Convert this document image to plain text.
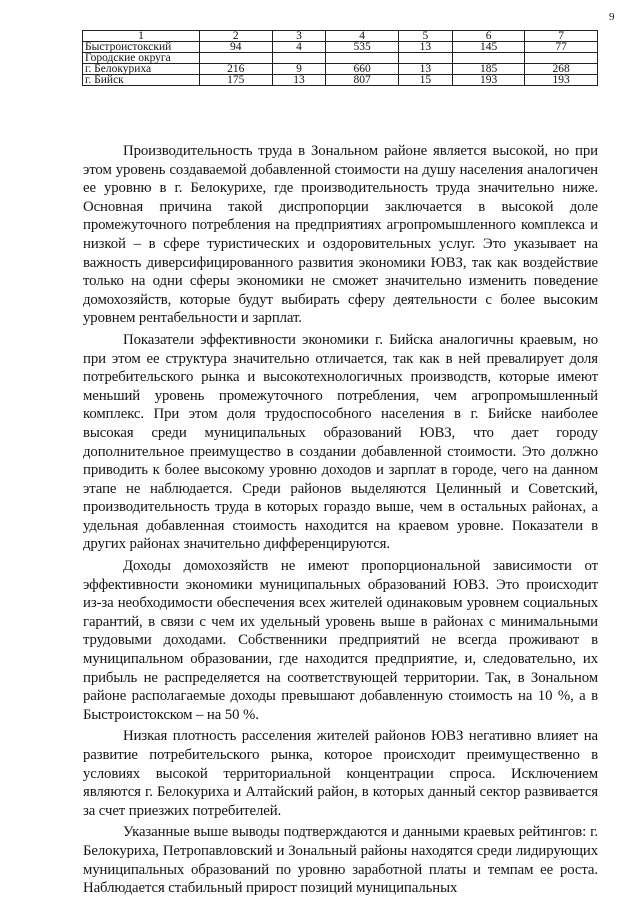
9
1	2	3	4	5	6	7
Быстроистокский	94	4	535	13	145	77
Городские округа						
г. Белокуриха	216	9	660	13	185	268
г. Бийск	175	13	807	15	193	193

Производительность труда в Зональном районе является высокой, но при этом уровень создаваемой добавленной стоимости на душу населения аналогичен ее уровню в г. Белокурихе, где производительность труда значительно ниже. Основная причина такой диспропорции заключается в высокой доле промежуточного потребления на предприятиях агропромышленного комплекса и низкой – в сфере туристических и оздоровительных услуг. Это указывает на важность диверсифицированного развития экономики ЮВЗ, так как воздействие только на одни сферы экономики не сможет значительно изменить поведение домохозяйств, которые будут выбирать сферу деятельности с более высоким уровнем рентабельности и зарплат.

Показатели эффективности экономики г. Бийска аналогичны краевым, но при этом ее структура значительно отличается, так как в ней превалирует доля потребительского рынка и высокотехнологичных производств, которые имеют меньший уровень промежуточного потребления, чем агропромышленный комплекс. При этом доля трудоспособного населения в г. Бийске наиболее высокая среди муниципальных образований ЮВЗ, что дает городу дополнительное преимущество в создании добавленной стоимости. Это должно приводить к более высокому уровню доходов и зарплат в городе, чего на данном этапе не наблюдается. Среди районов выделяются Целинный и Советский, производительность труда в которых гораздо выше, чем в остальных районах, а удельная добавленная стоимость находится на краевом уровне. Показатели в других районах значительно дифференцируются.

Доходы домохозяйств не имеют пропорциональной зависимости от эффективности экономики муниципальных образований ЮВЗ. Это происходит из-за необходимости обеспечения всех жителей одинаковым уровнем социальных гарантий, в связи с чем их удельный уровень выше в районах с минимальными трудовыми доходами. Собственники предприятий не всегда проживают в муниципальном образовании, где находится предприятие, и, следовательно, их прибыль не распределяется на соответствующей территории. Так, в Зональном районе располагаемые доходы превышают добавленную стоимость на 10 %, а в Быстроистокском – на 50 %.

Низкая плотность расселения жителей районов ЮВЗ негативно влияет на развитие потребительского рынка, которое происходит преимущественно в условиях высокой территориальной концентрации спроса. Исключением являются г. Белокуриха и Алтайский район, в которых данный сектор развивается за счет приезжих потребителей.

Указанные выше выводы подтверждаются и данными краевых рейтингов: г. Белокуриха, Петропавловский и Зональный районы находятся среди лидирующих муниципальных образований по уровню заработной платы и темпам ее роста. Наблюдается стабильный прирост позиций муниципальных
